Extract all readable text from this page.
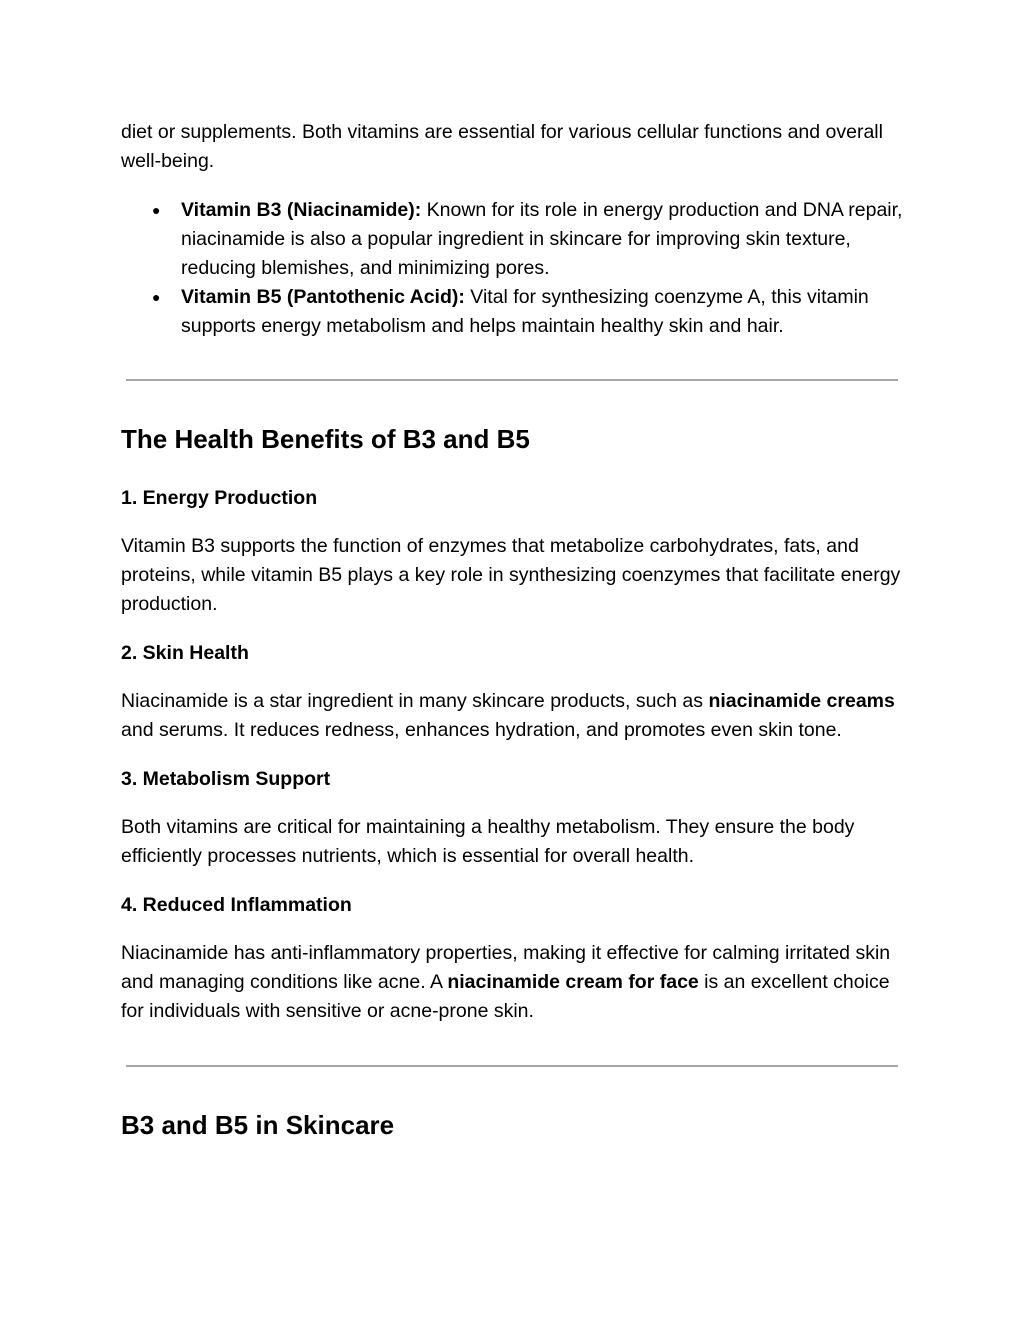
diet or supplements. Both vitamins are essential for various cellular functions and overall well-being.

● Vitamin B3 (Niacinamide): Known for its role in energy production and DNA repair, niacinamide is also a popular ingredient in skincare for improving skin texture, reducing blemishes, and minimizing pores.
● Vitamin B5 (Pantothenic Acid): Vital for synthesizing coenzyme A, this vitamin supports energy metabolism and helps maintain healthy skin and hair.
The Health Benefits of B3 and B5
1. Energy Production

Vitamin B3 supports the function of enzymes that metabolize carbohydrates, fats, and proteins, while vitamin B5 plays a key role in synthesizing coenzymes that facilitate energy production.

2. Skin Health

Niacinamide is a star ingredient in many skincare products, such as niacinamide creams and serums. It reduces redness, enhances hydration, and promotes even skin tone.

3. Metabolism Support

Both vitamins are critical for maintaining a healthy metabolism. They ensure the body efficiently processes nutrients, which is essential for overall health.

4. Reduced Inflammation

Niacinamide has anti-inflammatory properties, making it effective for calming irritated skin and managing conditions like acne. A niacinamide cream for face is an excellent choice for individuals with sensitive or acne-prone skin.

B3 and B5 in Skincare
